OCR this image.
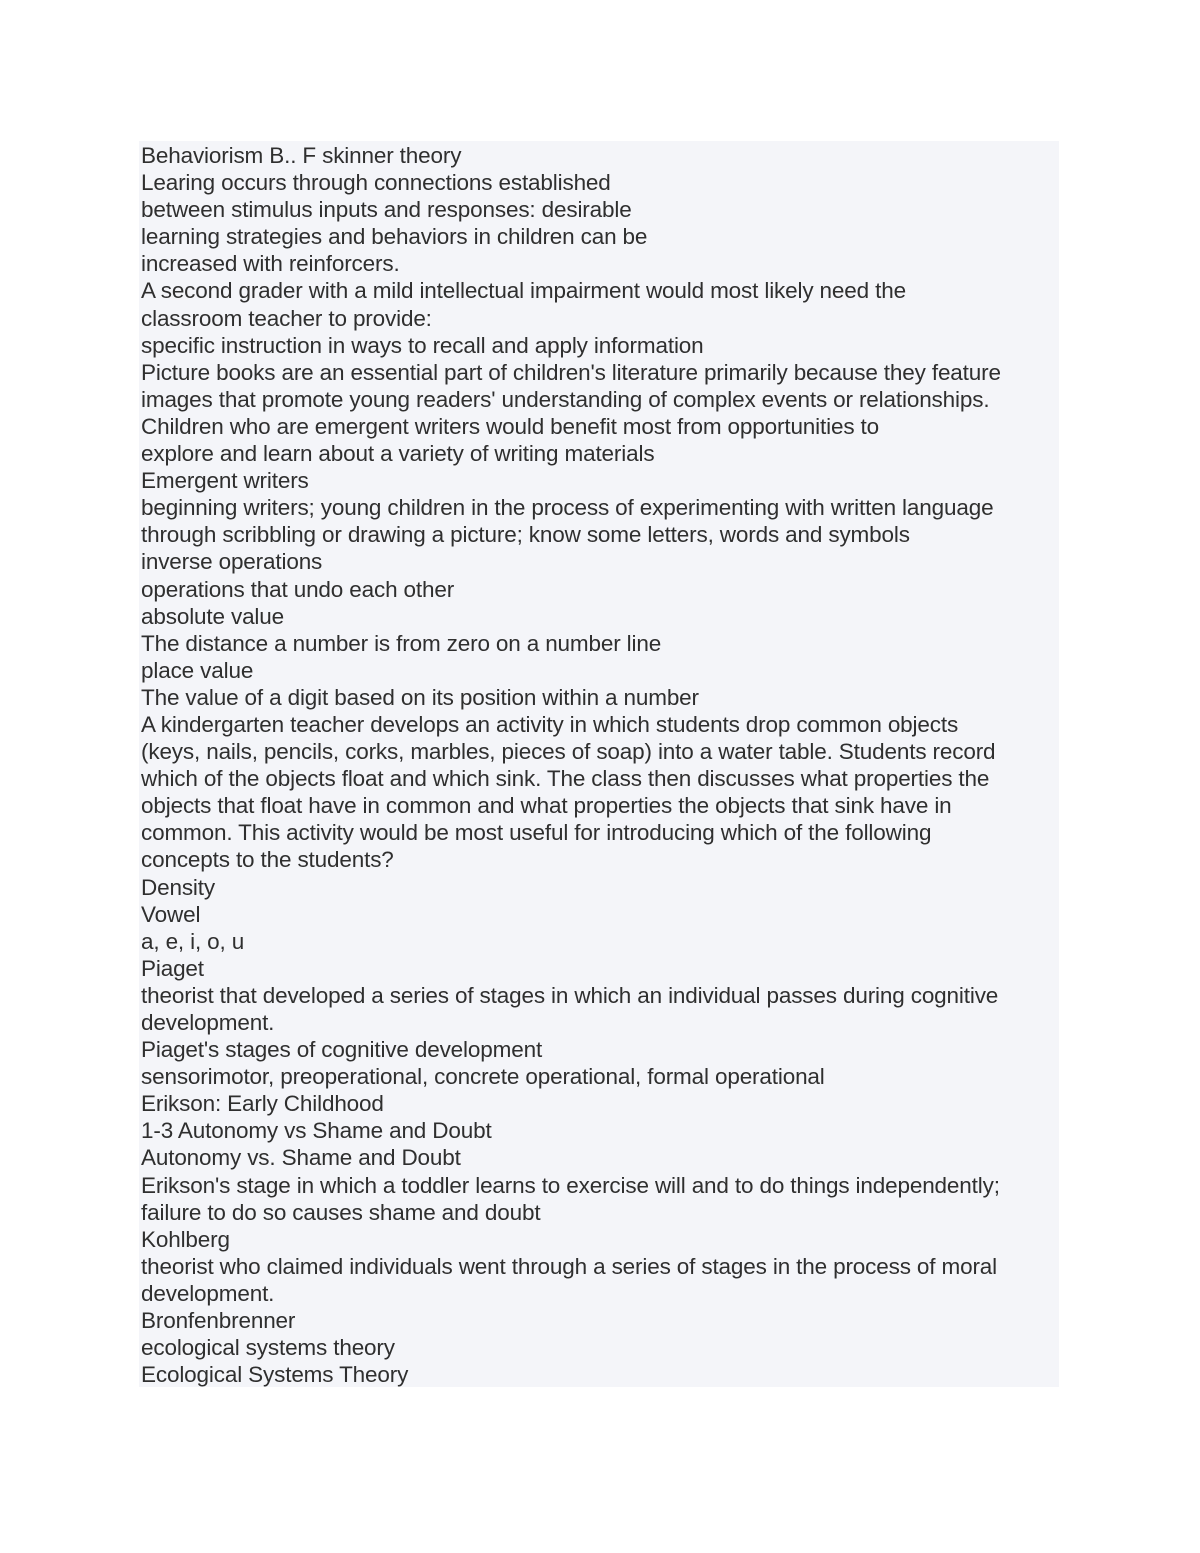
Behaviorism B.. F skinner theory

Learing occurs through connections established

between stimulus inputs and responses: desirable

learning strategies and behaviors in children can be

increased with reinforcers.

A second grader with a mild intellectual impairment would most likely need the

classroom teacher to provide:

specific instruction in ways to recall and apply information

Picture books are an essential part of children's literature primarily because they feature

images that promote young readers' understanding of complex events or relationships.

Children who are emergent writers would benefit most from opportunities to

explore and learn about a variety of writing materials

Emergent writers

beginning writers; young children in the process of experimenting with written language

through scribbling or drawing a picture; know some letters, words and symbols

inverse operations

operations that undo each other

absolute value

The distance a number is from zero on a number line

place value

The value of a digit based on its position within a number

A kindergarten teacher develops an activity in which students drop common objects

(keys, nails, pencils, corks, marbles, pieces of soap) into a water table. Students record

which of the objects float and which sink. The class then discusses what properties the

objects that float have in common and what properties the objects that sink have in

common. This activity would be most useful for introducing which of the following

concepts to the students?

Density

Vowel

a, e, i, o, u

Piaget

theorist that developed a series of stages in which an individual passes during cognitive

development.

Piaget's stages of cognitive development

sensorimotor, preoperational, concrete operational, formal operational

Erikson: Early Childhood

1-3 Autonomy vs Shame and Doubt

Autonomy vs. Shame and Doubt

Erikson's stage in which a toddler learns to exercise will and to do things independently;

failure to do so causes shame and doubt

Kohlberg

theorist who claimed individuals went through a series of stages in the process of moral

development.

Bronfenbrenner

ecological systems theory

Ecological Systems Theory
